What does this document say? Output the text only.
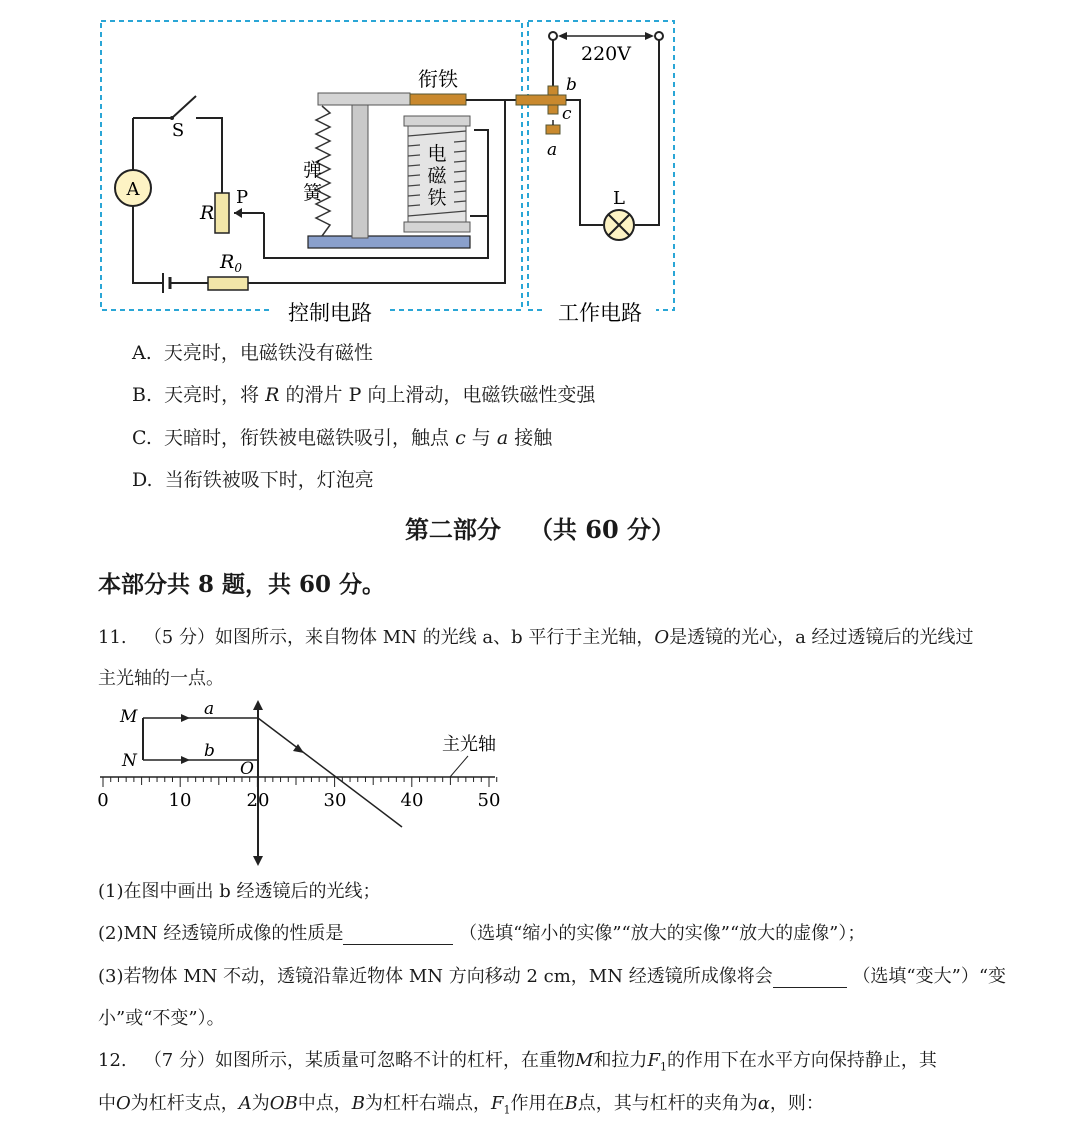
控制电路	工作电路
A
S
$R_0$
R
P
弹
簧
衔铁
电
磁
铁
220V
b
c
a
L
A. 天亮时，电磁铁没有磁性
B. 天亮时，将 R 的滑片 P 向上滑动，电磁铁磁性变强
C. 天暗时，衔铁被电磁铁吸引，触点 c 与 a 接触
D. 当衔铁被吸下时，灯泡亮
第二部分 （共 60 分）
本部分共 8 题，共 60 分。
11. （5 分）如图所示，来自物体 MN 的光线 a、b 平行于主光轴，O是透镜的光心，a 经过透镜后的光线过
主光轴的一点。
主光轴
M
N
a
b
O
0	10	20	30	40	50
(1)在图中画出 b 经透镜后的光线；
(2)MN 经透镜所成像的性质是	（选填“缩小的实像”“放大的实像”“放大的虚像”）；
(3)若物体 MN 不动，透镜沿靠近物体 MN 方向移动 2 cm，MN 经透镜所成像将会	（选填“变大”）“变
小”或“不变”）。
12. （7 分）如图所示，某质量可忽略不计的杠杆，在重物M和拉力$F_1$的作用下在水平方向保持静止，其
中O为杠杆支点，A为OB中点，B为杠杆右端点，$F_1$作用在B点，其与杠杆的夹角为α，则：
